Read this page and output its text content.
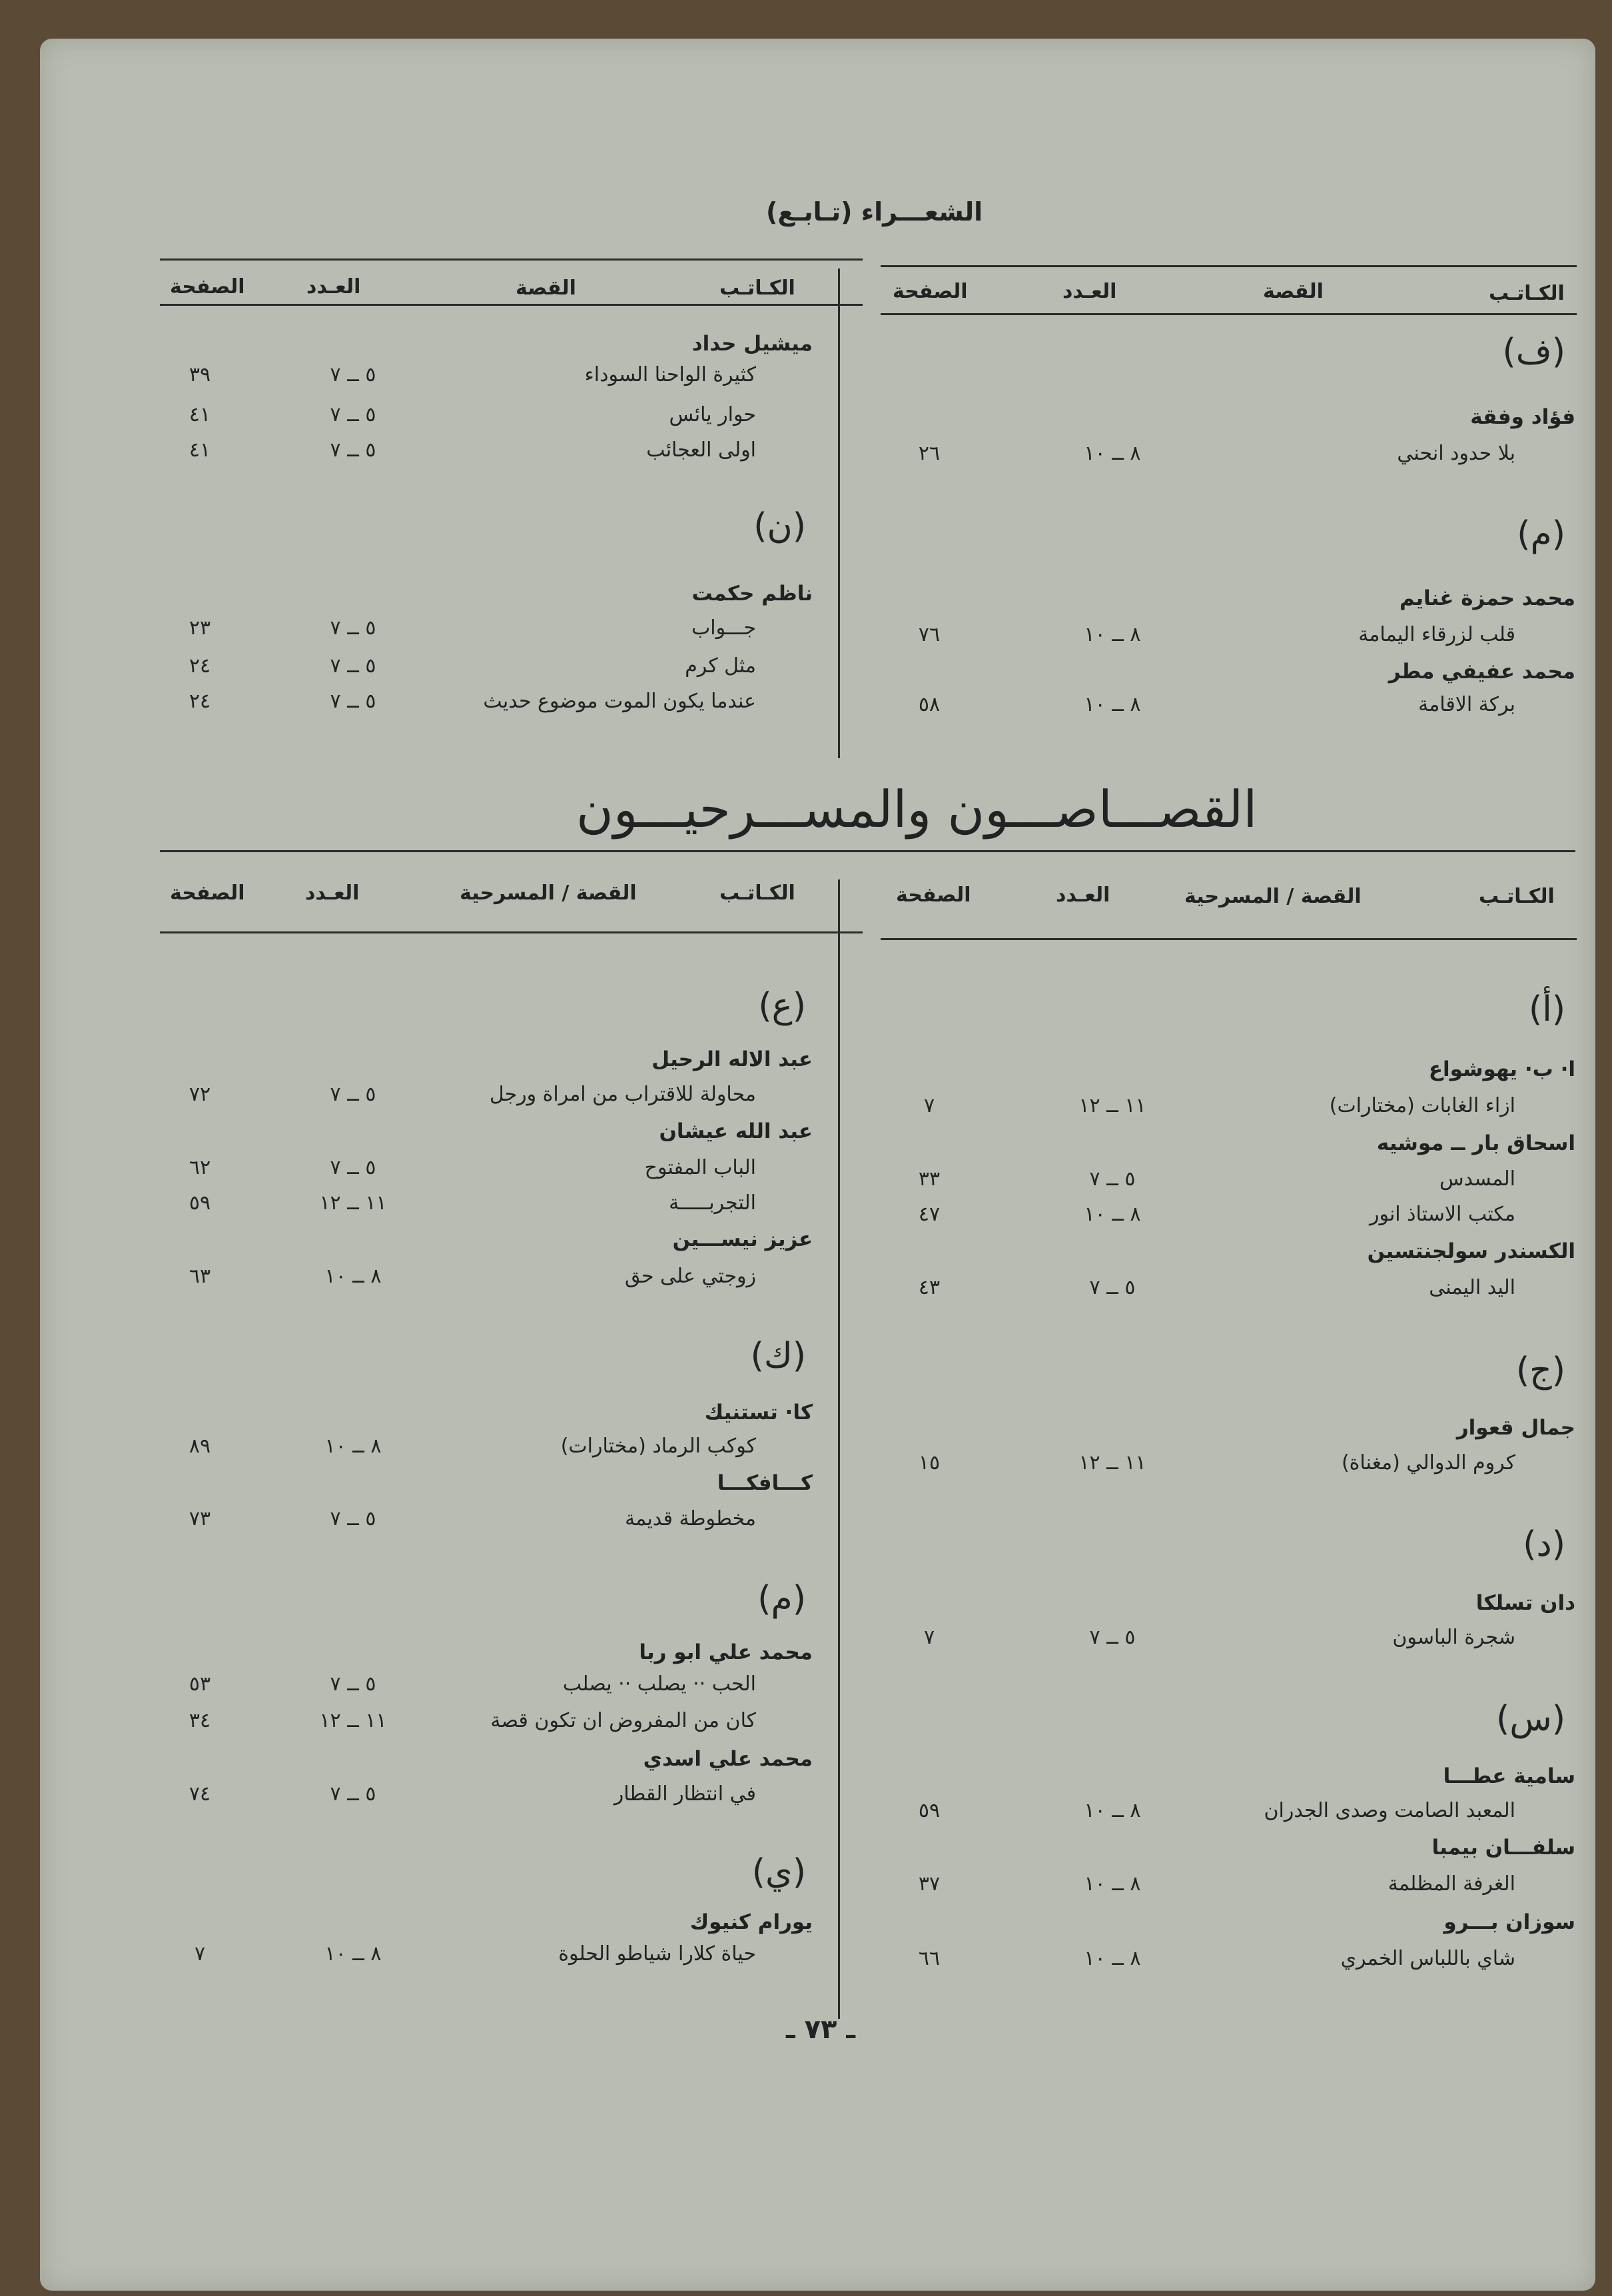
الشعـــراء (تـابـع)
الكـاتـب
القصة
العـدد
الصفحة
الكـاتـب
القصة
العـدد
الصفحة
(ف)
فؤاد وفقة
بلا حدود انحني
٨ ــ ١٠
٢٦
(م)
محمد حمزة غنايم
قلب لزرقاء اليمامة
٨ ــ ١٠
٧٦
محمد عفيفي مطر
بركة الاقامة
٨ ــ ١٠
٥٨
ميشيل حداد
كثيرة الواحنا السوداء
٥ ــ ٧
٣٩
حوار يائس
٥ ــ ٧
٤١
اولى العجائب
٥ ــ ٧
٤١
(ن)
ناظم حكمت
جـــواب
٥ ــ ٧
٢٣
مثل كرم
٥ ــ ٧
٢٤
عندما يكون الموت موضوع حديث
٥ ــ ٧
٢٤
القصـــاصـــون والمســـرحيـــون
الكـاتـب
القصة / المسرحية
العـدد
الصفحة
الكـاتـب
القصة / المسرحية
العـدد
الصفحة
(أ)
ا· ب· يهوشواع
ازاء الغابات (مختارات)
١١ ــ ١٢
٧
اسحاق بار ــ موشيه
المسدس
٥ ــ ٧
٣٣
مكتب الاستاذ انور
٨ ــ ١٠
٤٧
الكسندر سولجنتسين
اليد اليمنى
٥ ــ ٧
٤٣
(ج)
جمال قعوار
كروم الدوالي (مغناة)
١١ ــ ١٢
١٥
(د)
دان تسلكا
شجرة الباسون
٥ ــ ٧
٧
(س)
سامية عطـــا
المعبد الصامت وصدى الجدران
٨ ــ ١٠
٥٩
سلفـــان بيمبا
الغرفة المظلمة
٨ ــ ١٠
٣٧
سوزان بـــرو
شاي باللباس الخمري
٨ ــ ١٠
٦٦
(ع)
عبد الاله الرحيل
محاولة للاقتراب من امراة ورجل
٥ ــ ٧
٧٢
عبد الله عيشان
الباب المفتوح
٥ ــ ٧
٦٢
التجربـــــة
١١ ــ ١٢
٥٩
عزيز نيســـين
زوجتي على حق
٨ ــ ١٠
٦٣
(ك)
كا· تستنيك
كوكب الرماد (مختارات)
٨ ــ ١٠
٨٩
كـــافكـــا
مخطوطة قديمة
٥ ــ ٧
٧٣
(م)
محمد علي ابو ربا
الحب ·· يصلب ·· يصلب
٥ ــ ٧
٥٣
كان من المفروض ان تكون قصة
١١ ــ ١٢
٣٤
محمد علي اسدي
في انتظار القطار
٥ ــ ٧
٧٤
(ي)
يورام كنيوك
حياة كلارا شياطو الحلوة
٨ ــ ١٠
٧
ـ ٧٣ ـ
